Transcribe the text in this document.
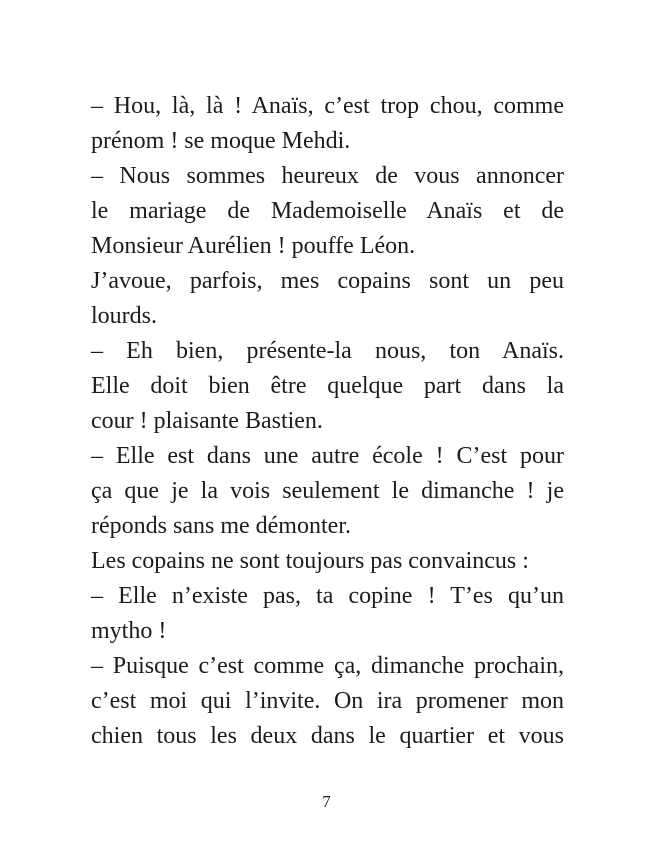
– Hou, là, là ! Anaïs, c’est trop chou, comme
prénom ! se moque Mehdi.
– Nous sommes heureux de vous annoncer
le mariage de Mademoiselle Anaïs et de
Monsieur Aurélien ! pouffe Léon.
J’avoue, parfois, mes copains sont un peu
lourds.
– Eh bien, présente-la nous, ton Anaïs.
Elle doit bien être quelque part dans la
cour ! plaisante Bastien.
– Elle est dans une autre école ! C’est pour
ça que je la vois seulement le dimanche ! je
réponds sans me démonter.
Les copains ne sont toujours pas convaincus :
– Elle n’existe pas, ta copine ! T’es qu’un
mytho !
– Puisque c’est comme ça, dimanche prochain,
c’est moi qui l’invite. On ira promener mon
chien tous les deux dans le quartier et vous
7
